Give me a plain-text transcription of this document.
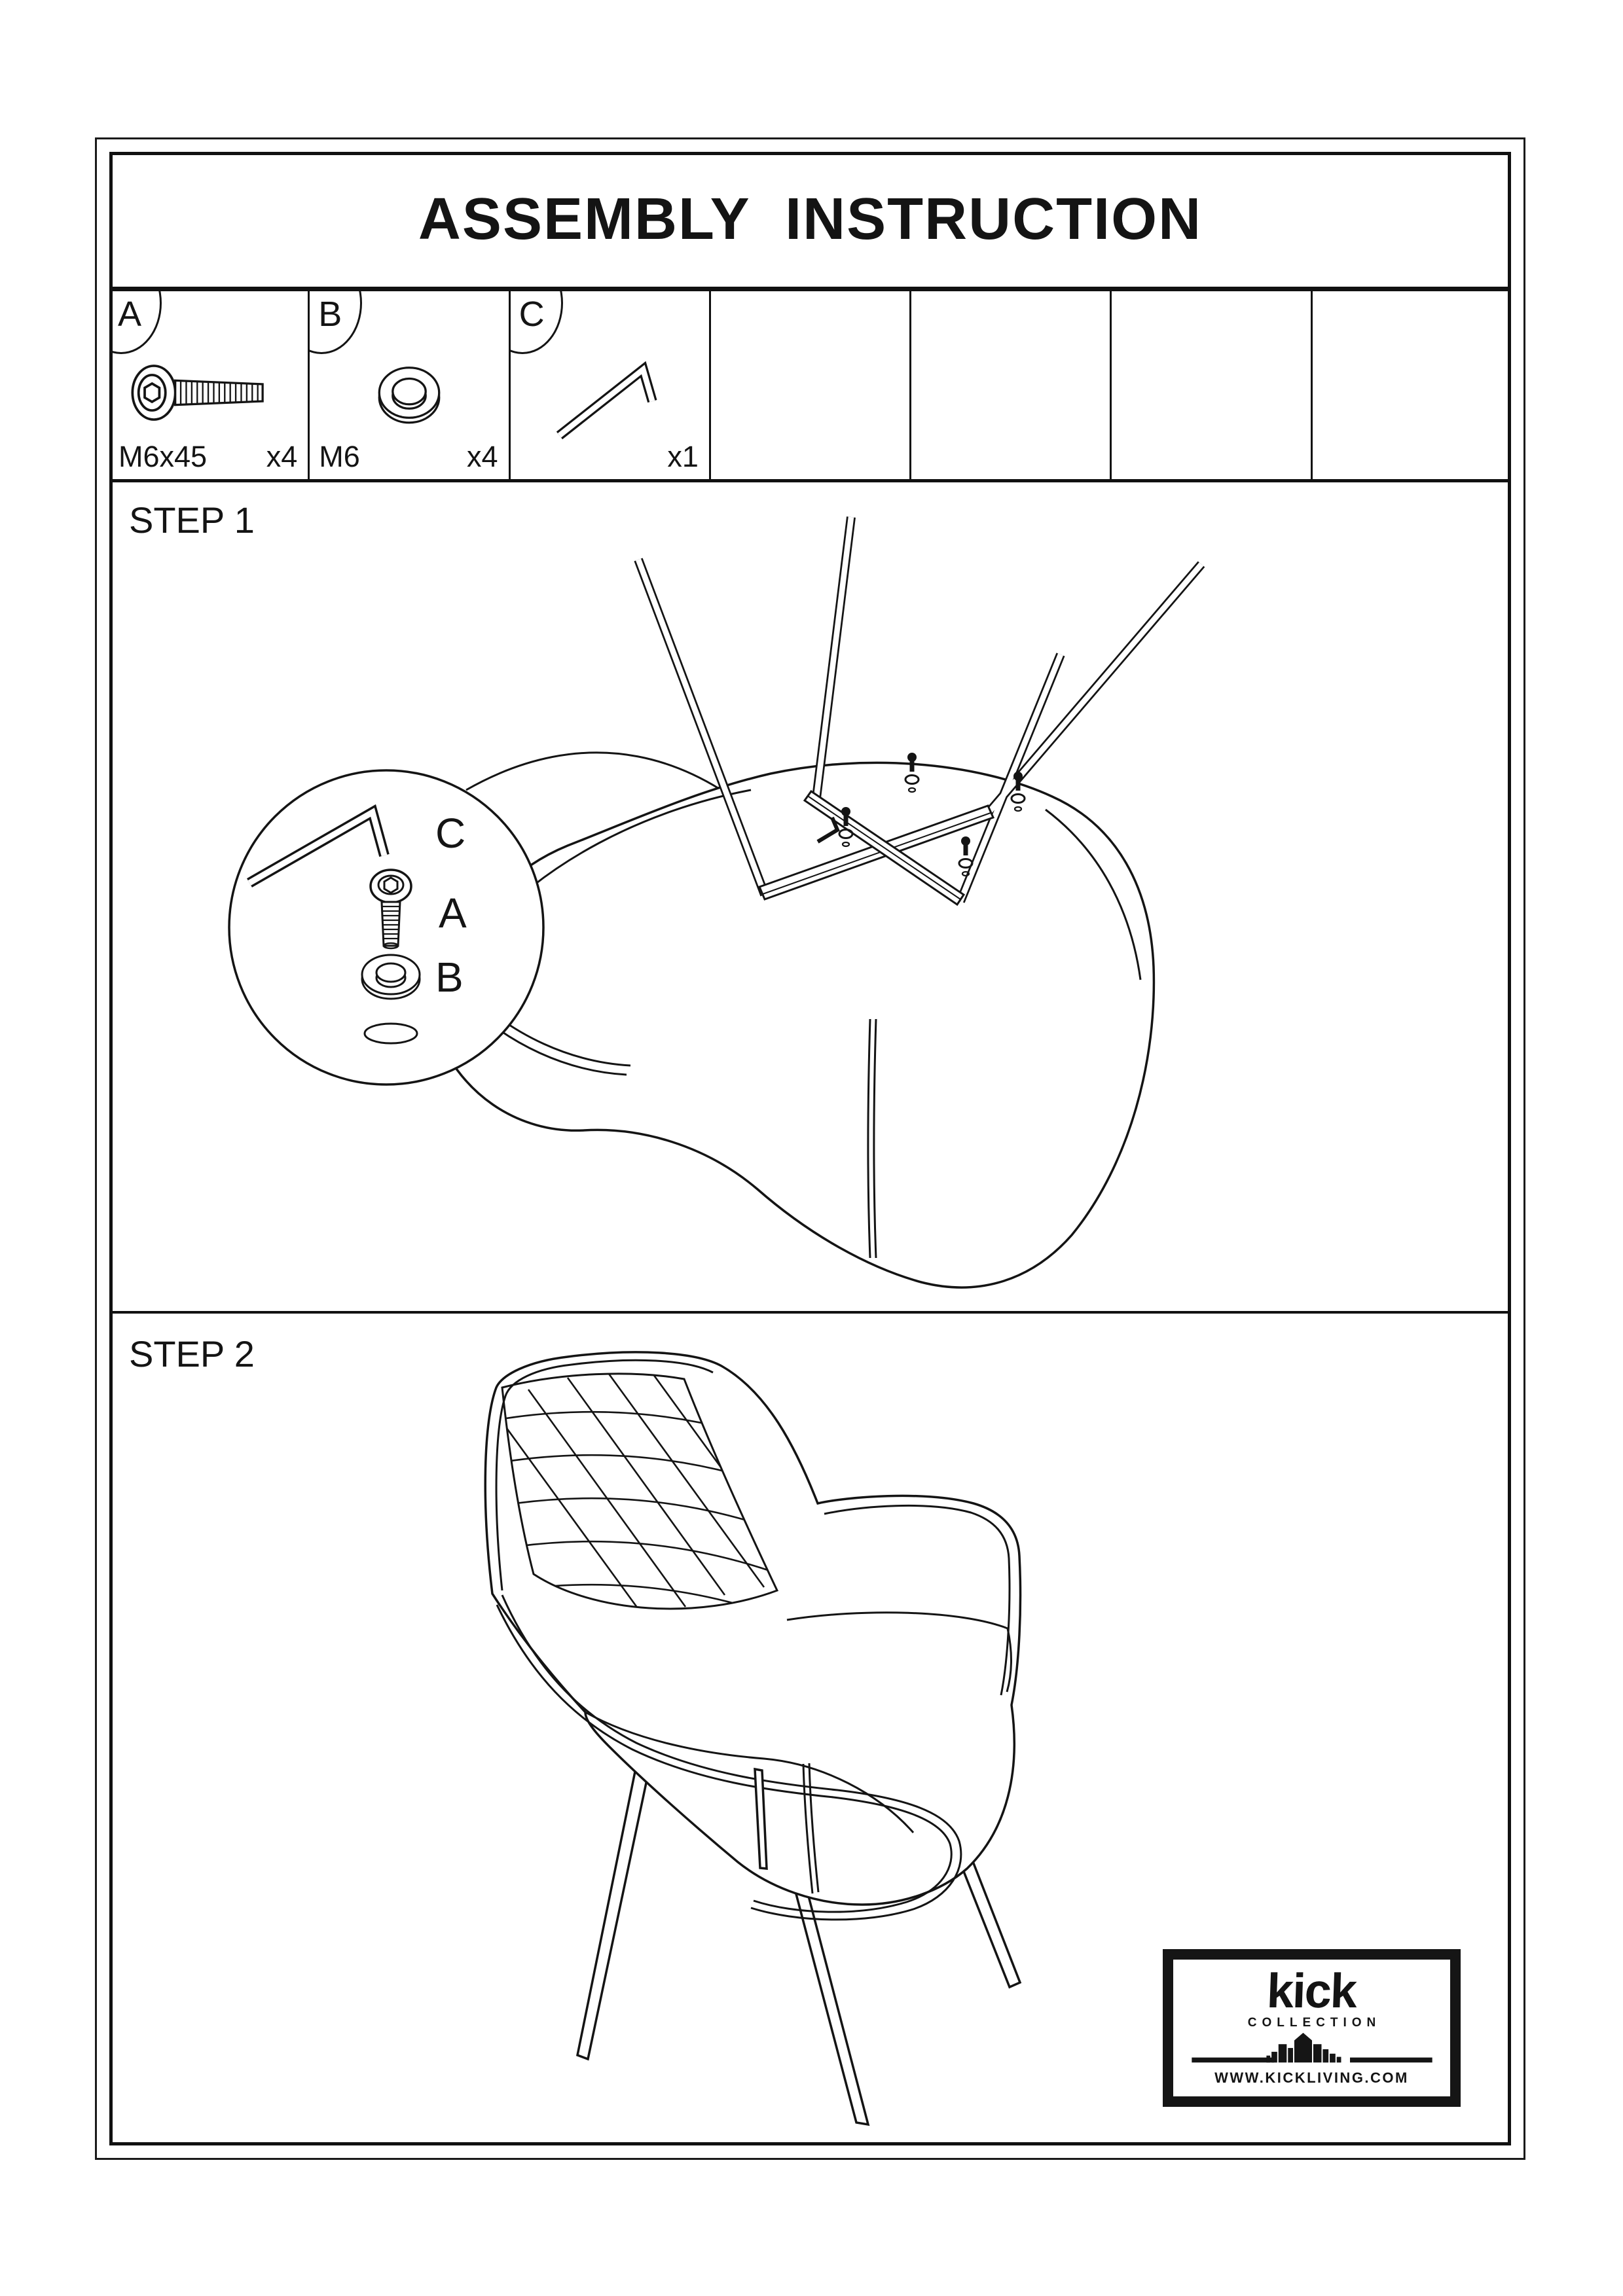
ASSEMBLY  INSTRUCTION
A
M6x45 x4
B
M6	x4
C
x1
STEP 1
C
A
B
STEP 2
kick
COLLECTION
WWW.KICKLIVING.COM
